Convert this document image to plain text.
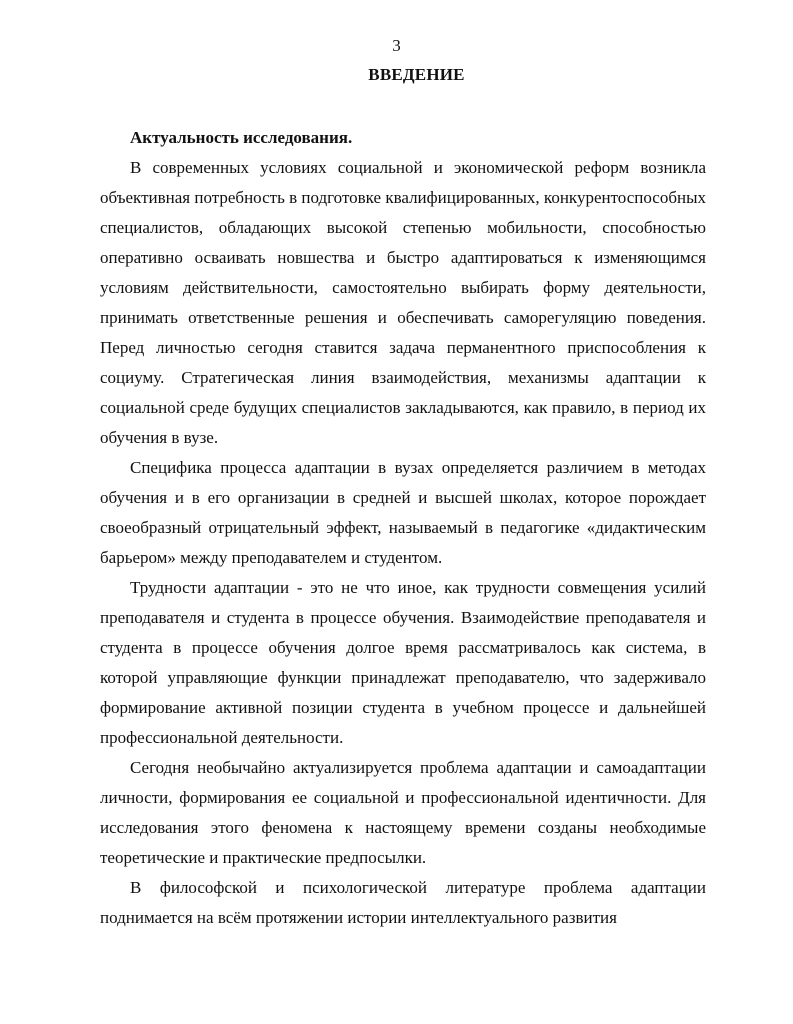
3
ВВЕДЕНИЕ

Актуальность исследования.

В современных условиях социальной и экономической реформ возникла объективная потребность в подготовке квалифицированных, конкурентоспособных специалистов, обладающих высокой степенью мобильности, способностью оперативно осваивать новшества и быстро адаптироваться к изменяющимся условиям действительности, самостоятельно выбирать форму деятельности, принимать ответственные решения и обеспечивать саморегуляцию поведения. Перед личностью сегодня ставится задача перманентного приспособления к социуму. Стратегическая линия взаимодействия, механизмы адаптации к социальной среде будущих специалистов закладываются, как правило, в период их обучения в вузе.

Специфика процесса адаптации в вузах определяется различием в методах обучения и в его организации в средней и высшей школах, которое порождает своеобразный отрицательный эффект, называемый в педагогике «дидактическим барьером» между преподавателем и студентом.

Трудности адаптации - это не что иное, как трудности совмещения усилий преподавателя и студента в процессе обучения. Взаимодействие преподавателя и студента в процессе обучения долгое время рассматривалось как система, в которой управляющие функции принадлежат преподавателю, что задерживало формирование активной позиции студента в учебном процессе и дальнейшей профессиональной деятельности.

Сегодня необычайно актуализируется проблема адаптации и самоадаптации личности, формирования ее социальной и профессиональной идентичности. Для исследования этого феномена к настоящему времени созданы необходимые теоретические и практические предпосылки.

В философской и психологической литературе проблема адаптации поднимается на всём протяжении истории интеллектуального развития
